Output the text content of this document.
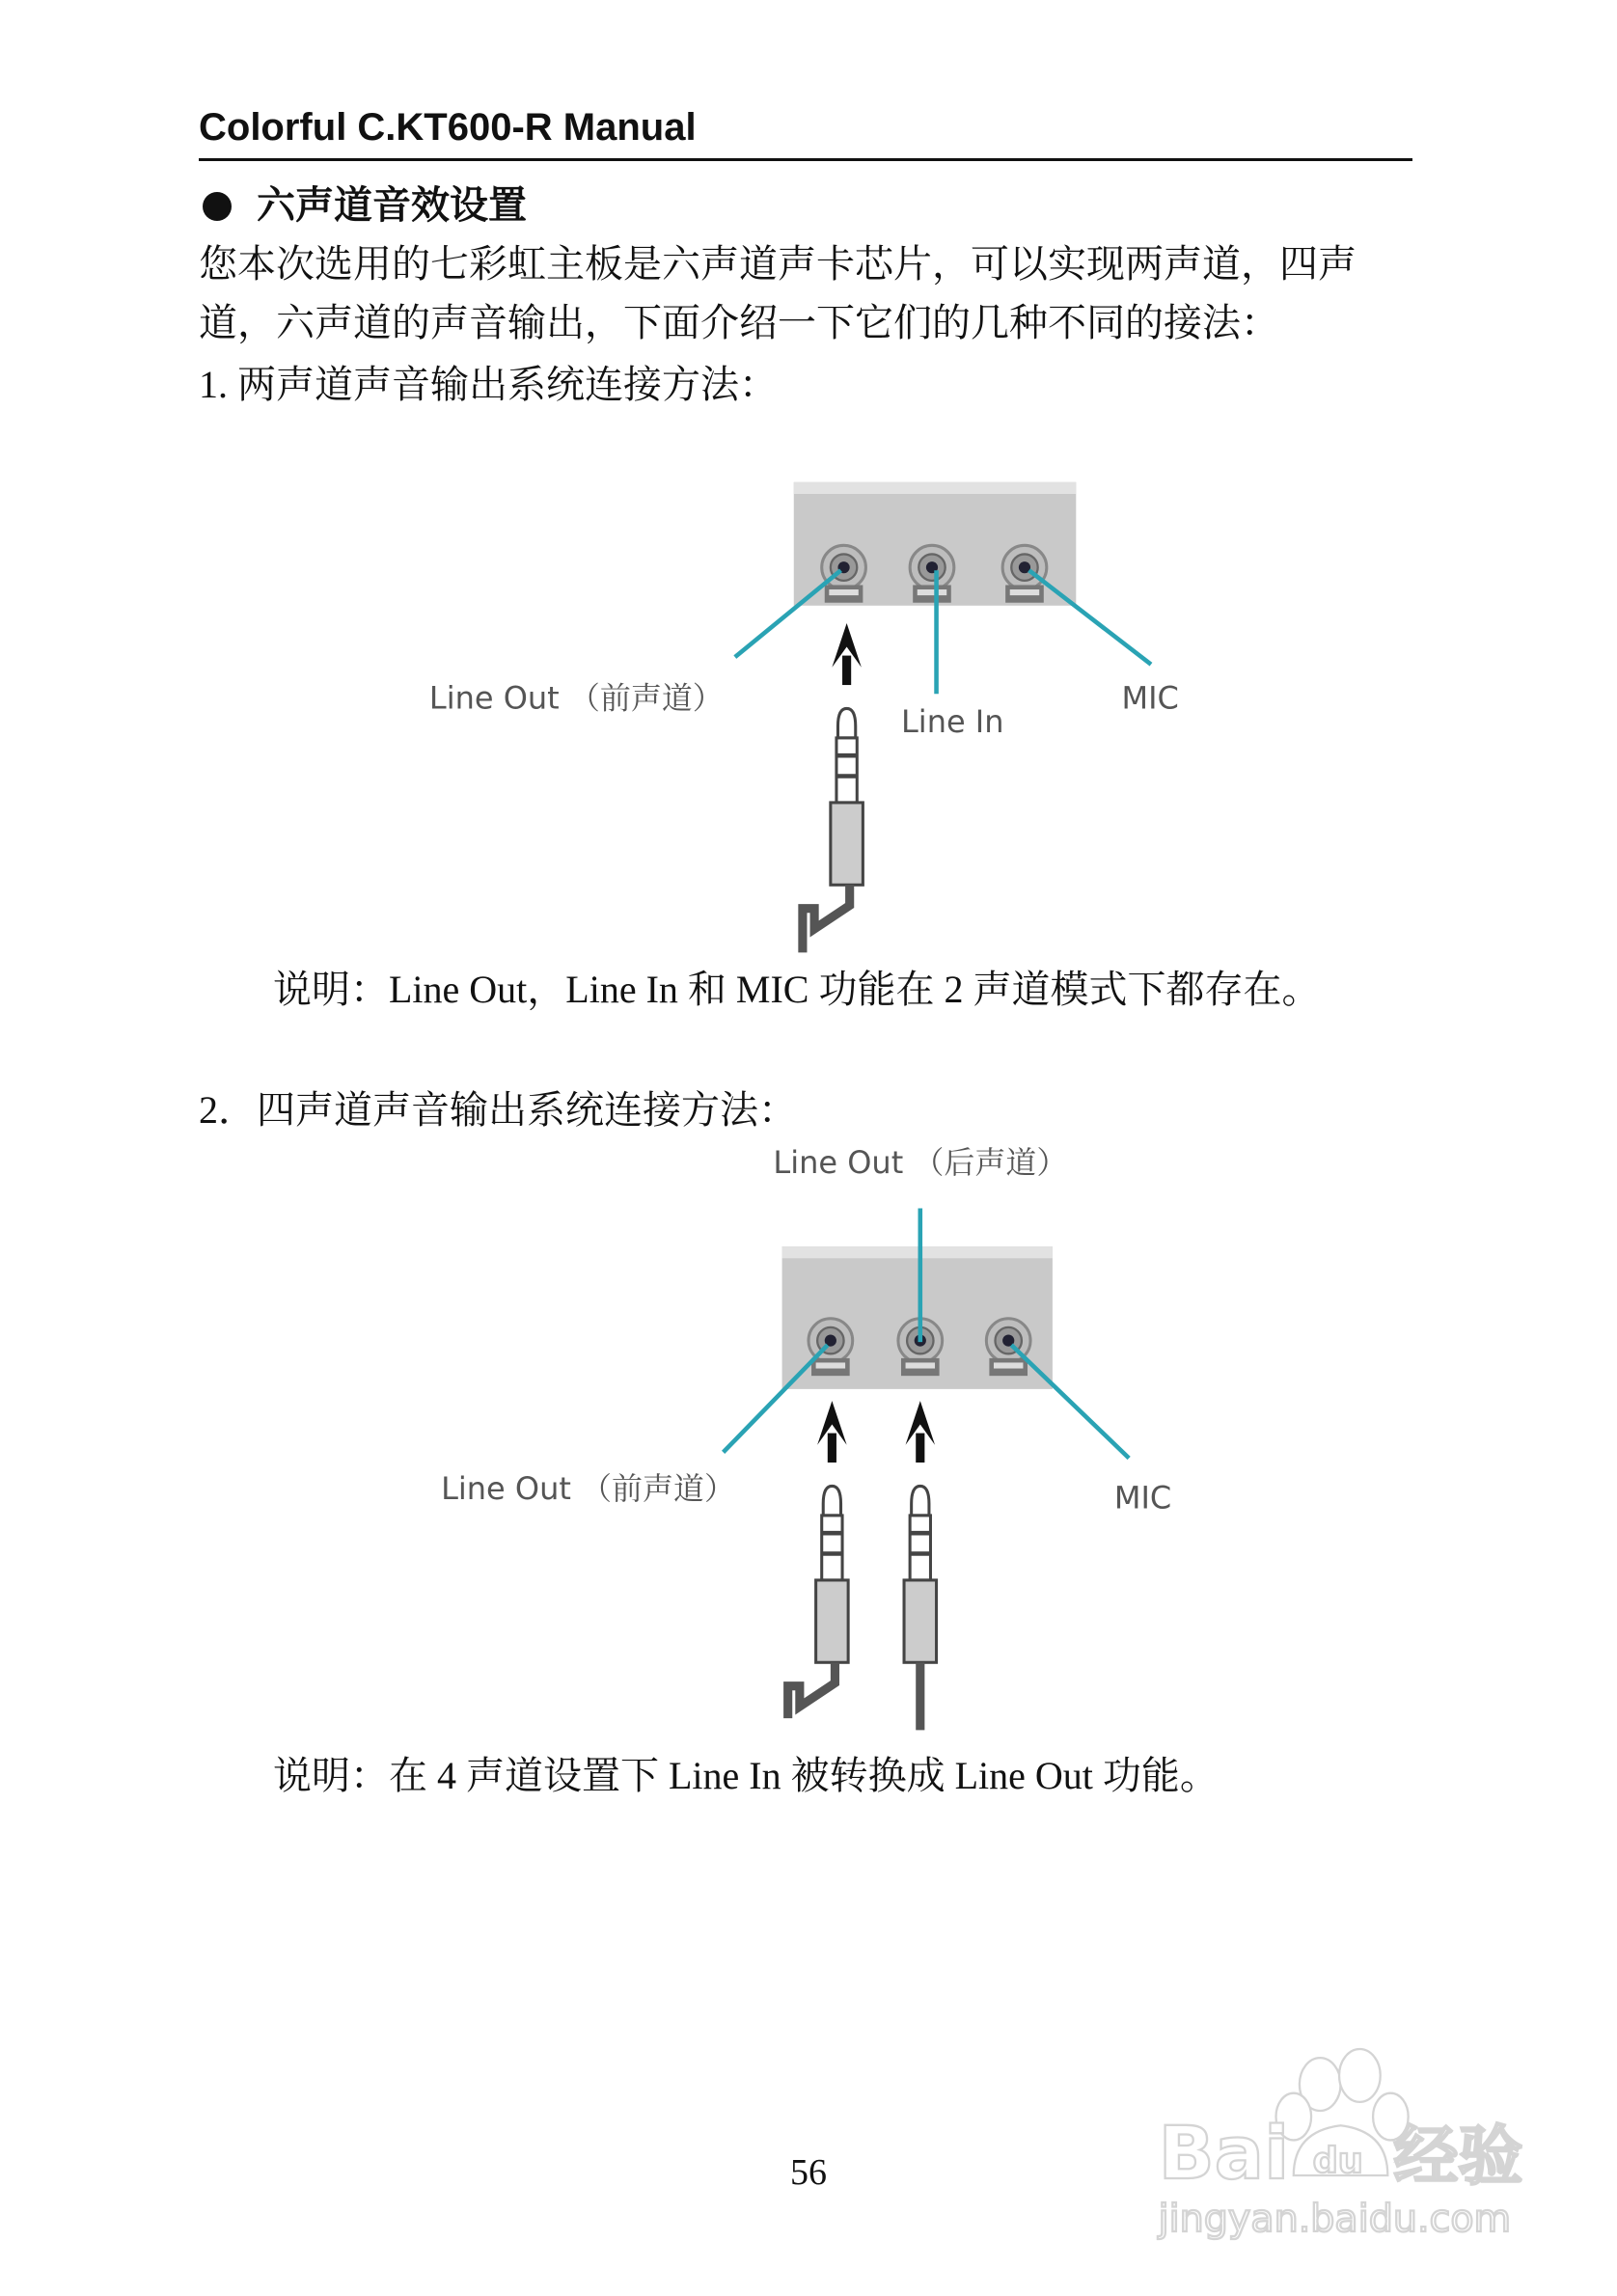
Colorful C.KT600-R Manual
六声道音效设置
您本次选用的七彩虹主板是六声道声卡芯片，可以实现两声道，四声
道，六声道的声音输出，下面介绍一下它们的几种不同的接法：
1. 两声道声音输出系统连接方法：
说明：Line Out，Line In 和 MIC 功能在 2 声道模式下都存在。
2．四声道声音输出系统连接方法：
说明：在 4 声道设置下 Line In 被转换成 Line Out 功能。
56
Line Out （前声道）
Line In
MIC
Line Out （后声道）
Line Out （前声道）	MIC
Bai du 经验
jingyan.baidu.com
